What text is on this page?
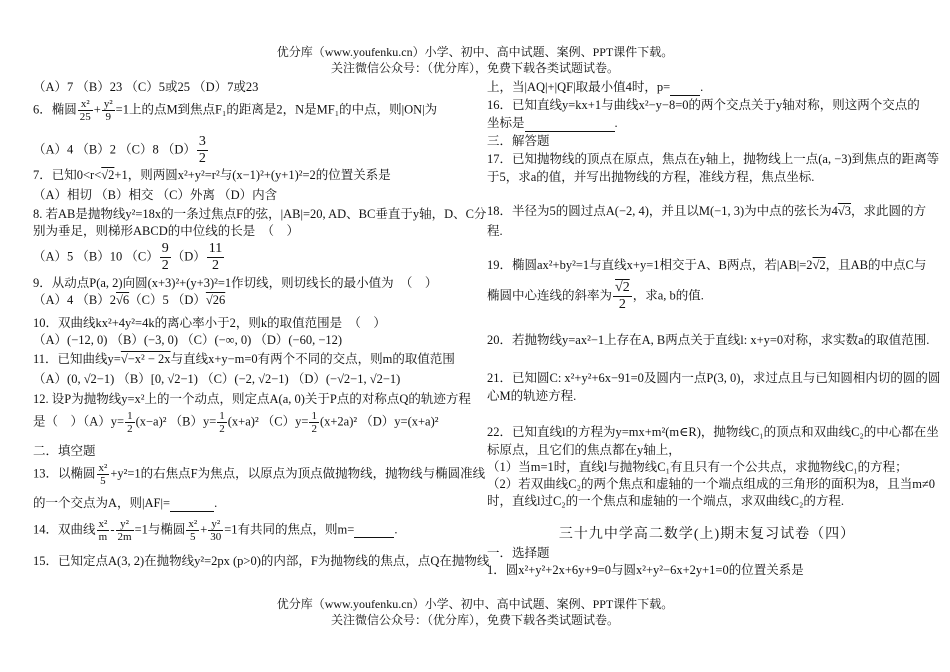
优分库（www.youfenku.cn）小学、初中、高中试题、案例、PPT课件下载。
关注微信公众号：（优分库），免费下载各类试题试卷。

（A）7 （B）23 （C）5或25 （D）7或23

6．椭圆 $\frac{\text{x²}}{25} + \frac{\text{y²}}{9} =1$上的点M到焦点F₁的距离是2，N是MF₁的中点，则|ON|为

（A）4 （B）2 （C）8 $(D) \frac{3}{2}$

7．已知0<r<√2+1，则两圆x²+y²=r²与(x−1)²+(y+1)²=2的位置关系是

（A）相切 （B）相交 （C）外离 （D）内含

8. 若AB是抛物线y²=18x的一条过焦点F的弦，|AB|=20, AD、BC垂直于y轴，D、C分

别为垂足，则梯形ABCD的中位线的长是　（　）

（A）5 （B）10 $(C) \frac{9}{2} (D) \frac{11}{2}$

9．从动点P(a, 2)向圆(x+3)²+(y+3)²=1作切线，则切线长的最小值为　（　）

（A）4 （B）2√6（C）5 （D）√26

10．双曲线kx²+4y²=4k的离心率小于2，则k的取值范围是　（　）

（A）(−12, 0) （B）(−3, 0) （C）(−∞, 0) （D）(−60, −12)

11．已知曲线y=√−x² − 2x与直线x+y−m=0有两个不同的交点，则m的取值范围

（A）(0, √2−1) （B）[0, √2−1) （C）(−2, √2−1) （D）(−√2−1, √2−1)

12. 设P为抛物线y=x²上的一个动点，则定点A(a, 0)关于P点的对称点Q的轨迹方程

是（　）$(A)y= \frac{1}{2} (x-a)^2$ $(B)y= \frac{1}{2} (x+a)^2$ $(C)y= \frac{1}{2} (x+2a)^2$ （D）y=(x+a)²

二．填空题

13．以椭圆 $\frac{\text{x²}}{5} +y^2=1$的右焦点F为焦点，以原点为顶点做抛物线，抛物线与椭圆准线

的一个交点为A，则|AF|=	.

14．双曲线 $\frac{\text{x²}}{m} - \frac{\text{y²}}{2m} =1$与椭圆 $\frac{\text{x²}}{5} + \frac{\text{y²}}{30} =1$有共同的焦点，则m=	.

15．已知定点A(3, 2)在抛物线y²=2px (p>0)的内部，F为抛物线的焦点，点Q在抛物线

上，当|AQ|+|QF|取最小值4时，p= .

16．已知直线y=kx+1与曲线x²−y−8=0的两个交点关于y轴对称，则这两个交点的

坐标是	.

三．解答题

17．已知抛物线的顶点在原点，焦点在y轴上，抛物线上一点(a, −3)到焦点的距离等

于5，求a的值，并写出抛物线的方程，准线方程，焦点坐标.

18．半径为5的圆过点A(−2, 4)，并且以M(−1, 3)为中点的弦长为4√3，求此圆的方

程.

19．椭圆ax²+by²=1与直线x+y=1相交于A、B两点，若|AB|=2√2，且AB的中点C与

椭圆中心连线的斜率为 $\frac{√2}{2}$ ，求a, b的值.

20．若抛物线y=ax²−1上存在A, B两点关于直线l: x+y=0对称，求实数a的取值范围.

21．已知圆C: x²+y²+6x−91=0及圆内一点P(3, 0)，求过点且与已知圆相内切的圆的圆

心M的轨迹方程.

22．已知直线l的方程为y=mx+m²(m∈R)，抛物线C₁的顶点和双曲线C₂的中心都在坐

标原点，且它们的焦点都在y轴上，

（1）当m=1时，直线l与抛物线C₁有且只有一个公共点，求抛物线C₁的方程；

（2）若双曲线C₂的两个焦点和虚轴的一个端点组成的三角形的面积为8，且当m≠0

时，直线l过C₂的一个焦点和虚轴的一个端点，求双曲线C₂的方程.

三十九中学高二数学(上)期末复习试卷（四）

一．选择题

1．圆x²+y²+2x+6y+9=0与圆x²+y²−6x+2y+1=0的位置关系是

优分库（www.youfenku.cn）小学、初中、高中试题、案例、PPT课件下载。
关注微信公众号：（优分库），免费下载各类试题试卷。
